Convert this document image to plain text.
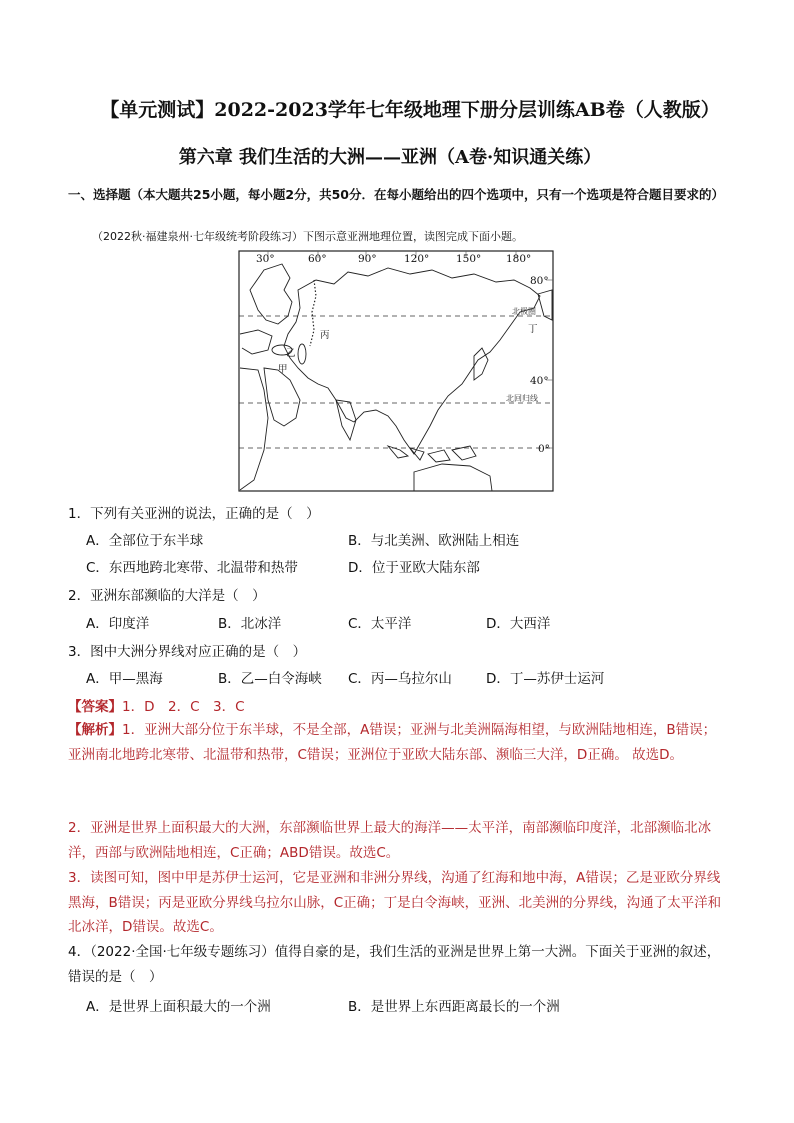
【单元测试】2022-2023学年七年级地理下册分层训练AB卷（人教版）
第六章 我们生活的大洲——亚洲（A卷·知识通关练）
一、选择题（本大题共25小题，每小题2分，共50分．在每小题给出的四个选项中，只有一个选项是符合题目要求的）
（2022秋·福建泉州·七年级统考阶段练习）下图示意亚洲地理位置，读图完成下面小题。
30°	60°	90°	120°	150° 180°
80°
40°
0°
北极圈
北回归线
乙
丙
甲
丁
1．下列有关亚洲的说法，正确的是（　）
A．全部位于东半球	B．与北美洲、欧洲陆上相连
C．东西地跨北寒带、北温带和热带	D．位于亚欧大陆东部
2．亚洲东部濒临的大洋是（　）
A．印度洋	B．北冰洋	C．太平洋	D．大西洋
3．图中大洲分界线对应正确的是（　）
A．甲—黑海	B．乙—白令海峡 C．丙—乌拉尔山	D．丁—苏伊士运河
【答案】1．D　2．C　3．C
【解析】1．亚洲大部分位于东半球，不是全部，A错误；亚洲与北美洲隔海相望，与欧洲陆地相连，B错误；亚洲南北地跨北寒带、北温带和热带，C错误；亚洲位于亚欧大陆东部、濒临三大洋，D正确。 故选D。
2．亚洲是世界上面积最大的大洲，东部濒临世界上最大的海洋——太平洋，南部濒临印度洋，北部濒临北冰洋，西部与欧洲陆地相连，C正确；ABD错误。故选C。
3．读图可知，图中甲是苏伊士运河，它是亚洲和非洲分界线，沟通了红海和地中海，A错误；乙是亚欧分界线黑海，B错误；丙是亚欧分界线乌拉尔山脉，C正确；丁是白令海峡，亚洲、北美洲的分界线，沟通了太平洋和北冰洋，D错误。故选C。
4．（2022·全国·七年级专题练习）值得自豪的是，我们生活的亚洲是世界上第一大洲。下面关于亚洲的叙述，错误的是（　）
A．是世界上面积最大的一个洲	B．是世界上东西距离最长的一个洲
